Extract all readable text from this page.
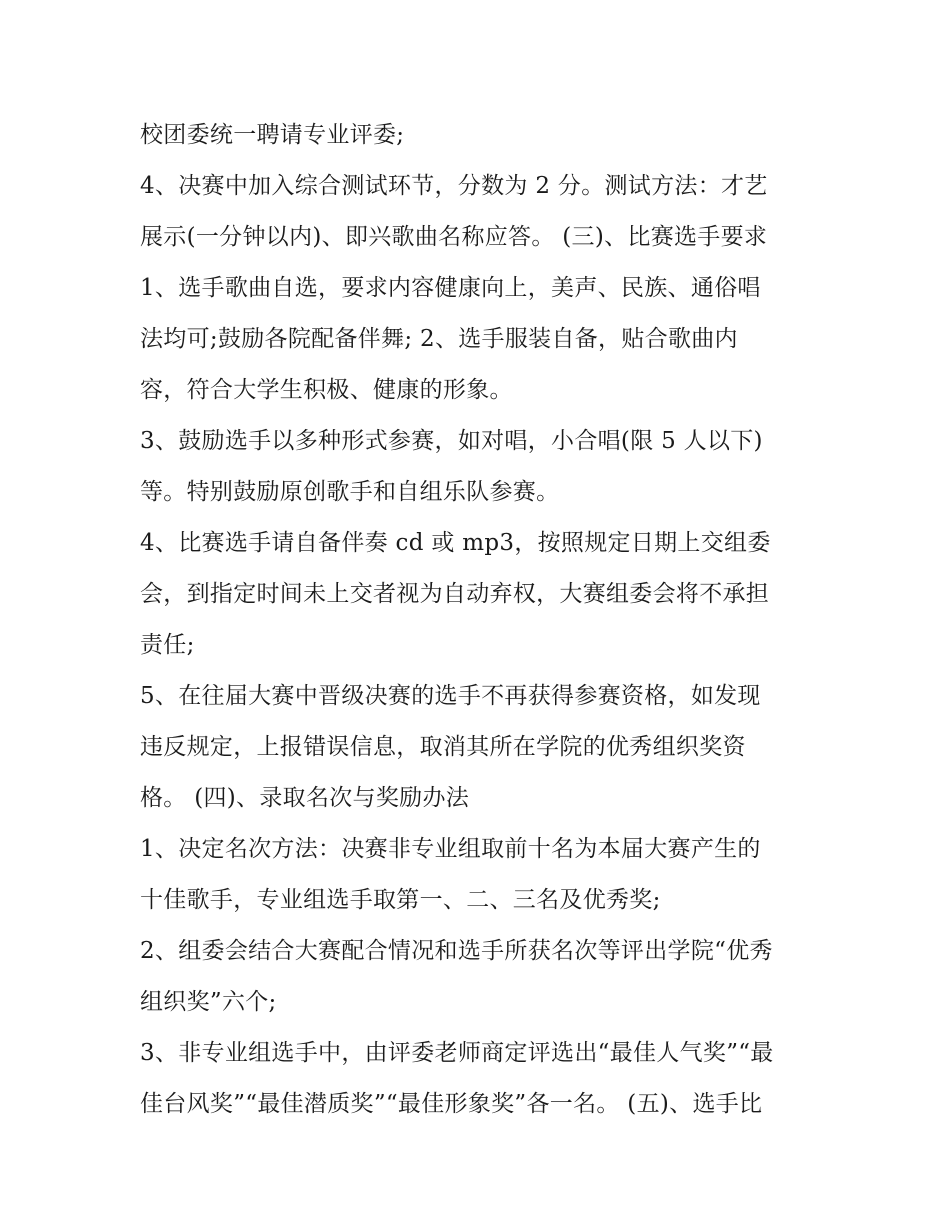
校团委统一聘请专业评委;
4、决赛中加入综合测试环节，分数为 2 分。测试方法：才艺
展示(一分钟以内)、即兴歌曲名称应答。 (三)、比赛选手要求
1、选手歌曲自选，要求内容健康向上，美声、民族、通俗唱
法均可;鼓励各院配备伴舞; 2、选手服装自备，贴合歌曲内
容，符合大学生积极、健康的形象。
3、鼓励选手以多种形式参赛，如对唱，小合唱(限 5 人以下)
等。特别鼓励原创歌手和自组乐队参赛。
4、比赛选手请自备伴奏 cd 或 mp3，按照规定日期上交组委
会，到指定时间未上交者视为自动弃权，大赛组委会将不承担
责任;
5、在往届大赛中晋级决赛的选手不再获得参赛资格，如发现
违反规定，上报错误信息，取消其所在学院的优秀组织奖资
格。 (四)、录取名次与奖励办法
1、决定名次方法：决赛非专业组取前十名为本届大赛产生的
十佳歌手，专业组选手取第一、二、三名及优秀奖;
2、组委会结合大赛配合情况和选手所获名次等评出学院“优秀
组织奖”六个;
3、非专业组选手中，由评委老师商定评选出“最佳人气奖”“最
佳台风奖”“最佳潜质奖”“最佳形象奖”各一名。 (五)、选手比
